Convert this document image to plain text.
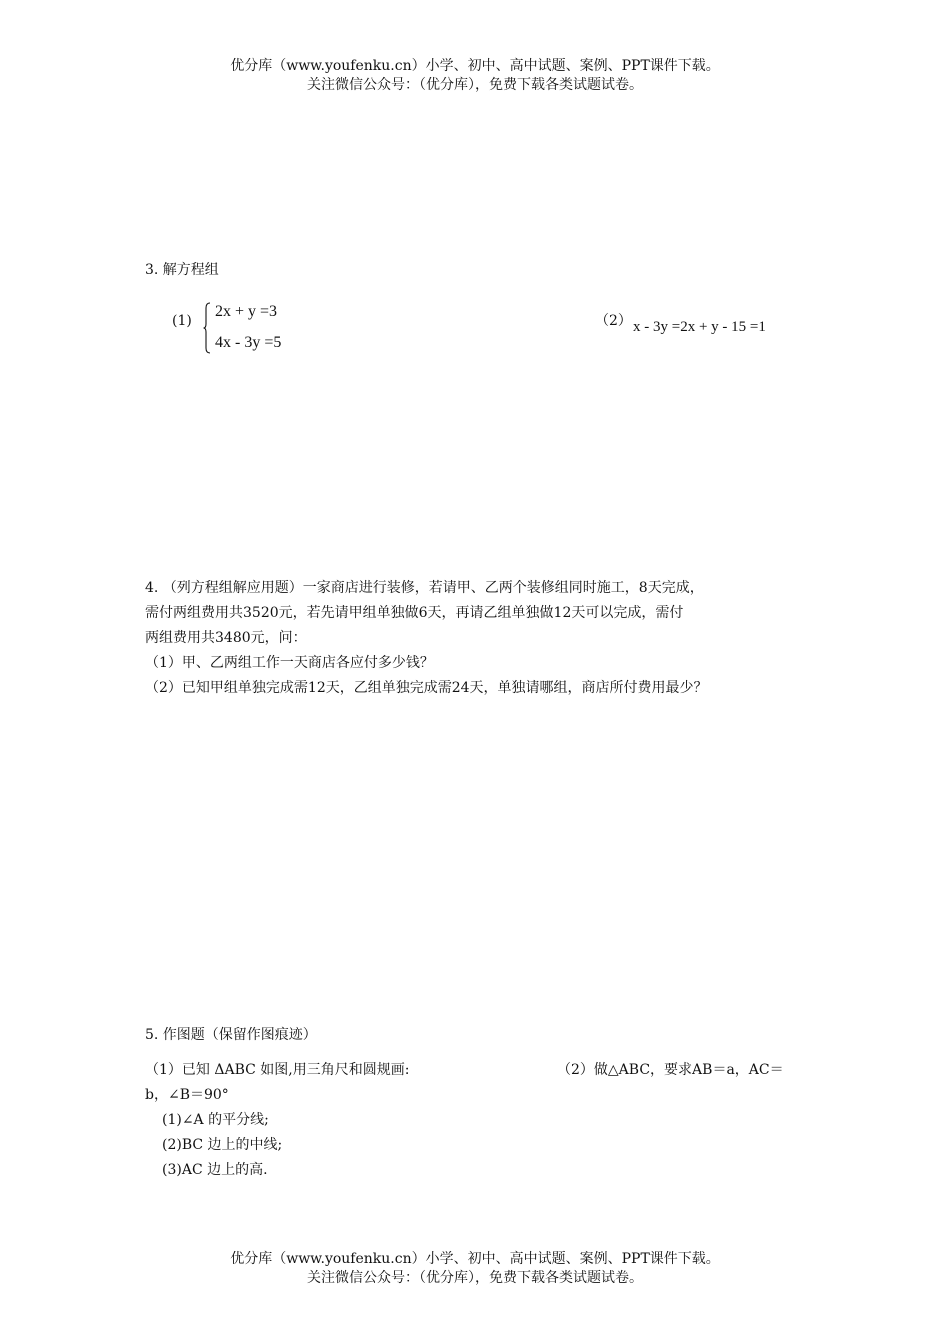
优分库（www.youfenku.cn）小学、初中、高中试题、案例、PPT课件下载。
关注微信公众号：（优分库），免费下载各类试题试卷。
3. 解方程组
(1)
2x + y =3
4x - 3y =5
（2） x - 3y =2x + y - 15 =1
4. （列方程组解应用题）一家商店进行装修，若请甲、乙两个装修组同时施工，8天完成，
需付两组费用共3520元，若先请甲组单独做6天，再请乙组单独做12天可以完成，需付
两组费用共3480元，问：
（1）甲、乙两组工作一天商店各应付多少钱？
（2）已知甲组单独完成需12天，乙组单独完成需24天，单独请哪组，商店所付费用最少？
5. 作图题（保留作图痕迹）
（1）已知 ΔABC 如图,用三角尺和圆规画:	（2）做△ABC，要求AB＝a，AC＝
b，∠B＝90°
(1)∠A 的平分线;
(2)BC 边上的中线;
(3)AC 边上的高.
优分库（www.youfenku.cn）小学、初中、高中试题、案例、PPT课件下载。
关注微信公众号：（优分库），免费下载各类试题试卷。
